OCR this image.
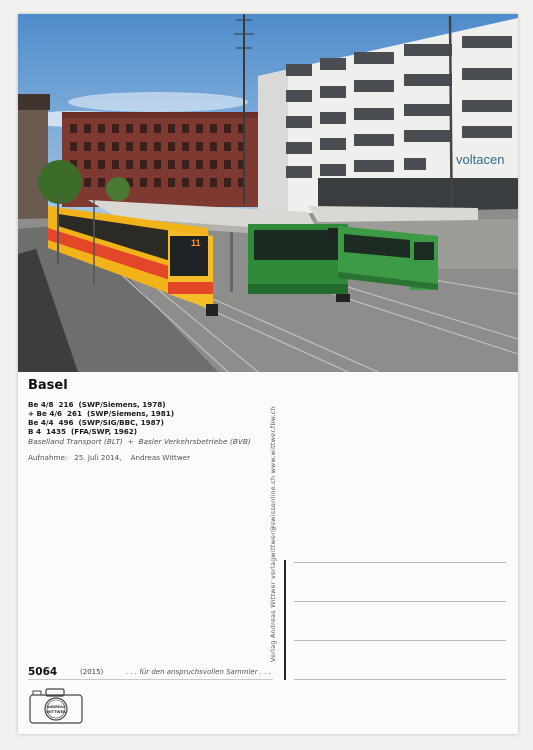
voltacen
11
Basel
Be 4/8  216  (SWP/Siemens, 1978)
+ Be 4/6  261  (SWP/Siemens, 1981)
Be 4/4  496  (SWP/SIG/BBC, 1987)
B 4  1435  (FFA/SWP, 1962)
Baselland Transport (BLT)  +  Basler Verkehrsbetriebe (BVB)
Aufnahme:   25. Juli 2014,    Andreas Wittwer	Verlag Andreas Wittwer verlagwittwer@swissonline.ch www.wittwer.fbw.ch
5064	(2015)	. . . für den anspruchsvollen Sammler . . .
ANDREAS
WITTWER
